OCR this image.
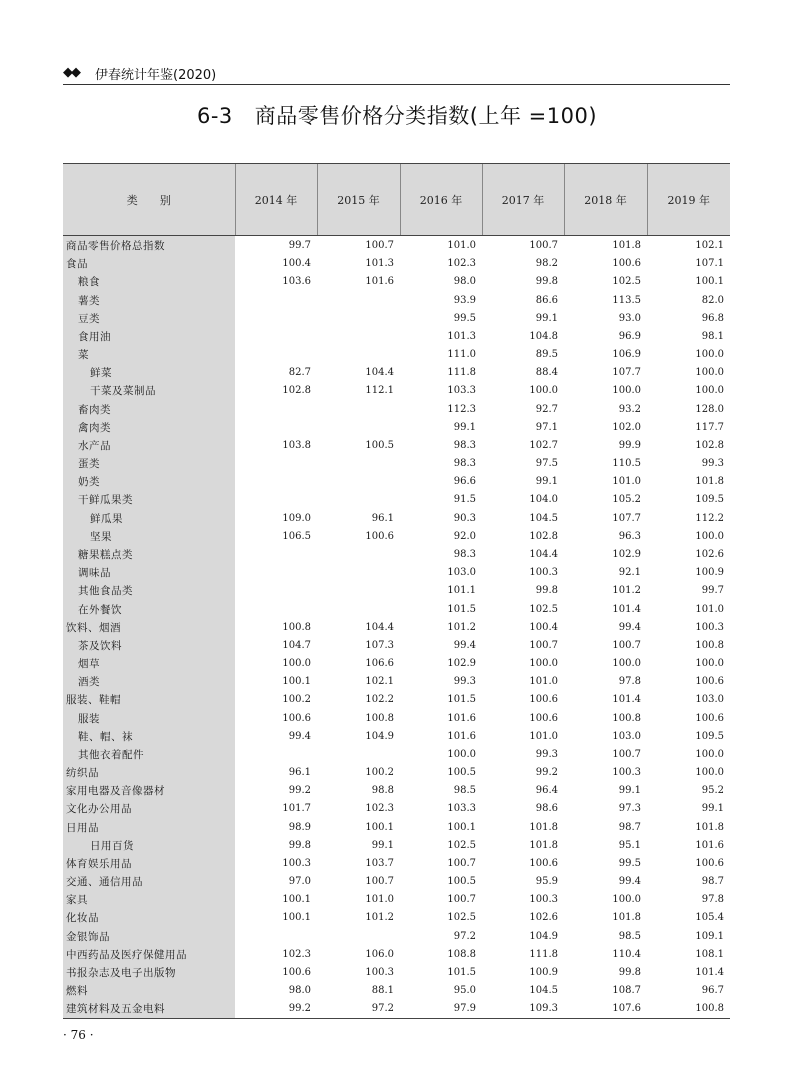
◆◆ 伊春统计年鉴(2020)
6-3 商品零售价格分类指数(上年 =100)
类　　别	2014 年	2015 年	2016 年	2017 年	2018 年	2019 年
商品零售价格总指数	99.7	100.7	101.0	100.7	101.8	102.1
食品	100.4	101.3	102.3	98.2	100.6	107.1
粮食	103.6	101.6	98.0	99.8	102.5	100.1
薯类			93.9	86.6	113.5	82.0
豆类			99.5	99.1	93.0	96.8
食用油			101.3	104.8	96.9	98.1
菜			111.0	89.5	106.9	100.0
鲜菜	82.7	104.4	111.8	88.4	107.7	100.0
干菜及菜制品	102.8	112.1	103.3	100.0	100.0	100.0
畜肉类			112.3	92.7	93.2	128.0
禽肉类			99.1	97.1	102.0	117.7
水产品	103.8	100.5	98.3	102.7	99.9	102.8
蛋类			98.3	97.5	110.5	99.3
奶类			96.6	99.1	101.0	101.8
干鲜瓜果类			91.5	104.0	105.2	109.5
鲜瓜果	109.0	96.1	90.3	104.5	107.7	112.2
坚果	106.5	100.6	92.0	102.8	96.3	100.0
糖果糕点类			98.3	104.4	102.9	102.6
调味品			103.0	100.3	92.1	100.9
其他食品类			101.1	99.8	101.2	99.7
在外餐饮			101.5	102.5	101.4	101.0
饮料、烟酒	100.8	104.4	101.2	100.4	99.4	100.3
茶及饮料	104.7	107.3	99.4	100.7	100.7	100.8
烟草	100.0	106.6	102.9	100.0	100.0	100.0
酒类	100.1	102.1	99.3	101.0	97.8	100.6
服装、鞋帽	100.2	102.2	101.5	100.6	101.4	103.0
服装	100.6	100.8	101.6	100.6	100.8	100.6
鞋、帽、袜	99.4	104.9	101.6	101.0	103.0	109.5
其他衣着配件			100.0	99.3	100.7	100.0
纺织品	96.1	100.2	100.5	99.2	100.3	100.0
家用电器及音像器材	99.2	98.8	98.5	96.4	99.1	95.2
文化办公用品	101.7	102.3	103.3	98.6	97.3	99.1
日用品	98.9	100.1	100.1	101.8	98.7	101.8
日用百货	99.8	99.1	102.5	101.8	95.1	101.6
体育娱乐用品	100.3	103.7	100.7	100.6	99.5	100.6
交通、通信用品	97.0	100.7	100.5	95.9	99.4	98.7
家具	100.1	101.0	100.7	100.3	100.0	97.8
化妆品	100.1	101.2	102.5	102.6	101.8	105.4
金银饰品			97.2	104.9	98.5	109.1
中西药品及医疗保健用品	102.3	106.0	108.8	111.8	110.4	108.1
书报杂志及电子出版物	100.6	100.3	101.5	100.9	99.8	101.4
燃料	98.0	88.1	95.0	104.5	108.7	96.7
建筑材料及五金电料	99.2	97.2	97.9	109.3	107.6	100.8
· 76 ·
